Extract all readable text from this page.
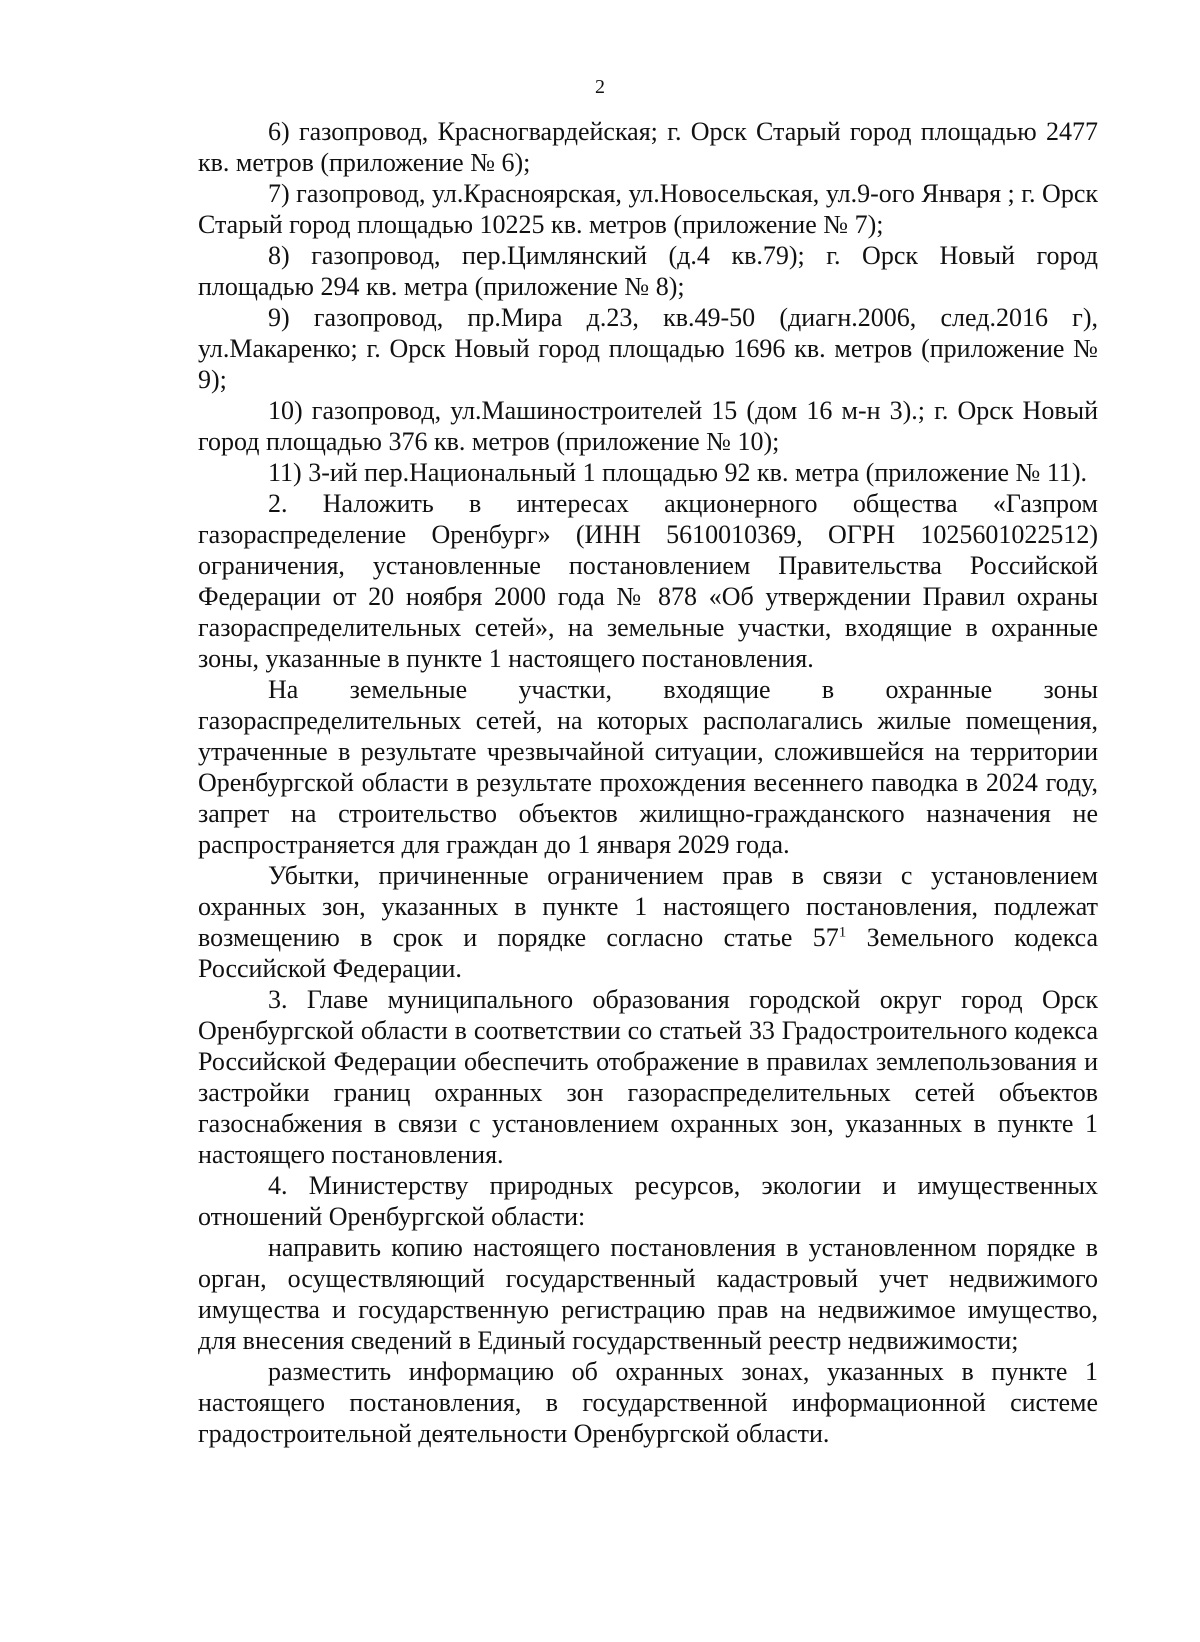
2

6) газопровод, Красногвардейская; г. Орск Старый город площадью 2477 кв. метров (приложение № 6);

7) газопровод, ул.Красноярская, ул.Новосельская, ул.9-ого Января ; г. Орск Старый город площадью 10225 кв. метров (приложение № 7);

8) газопровод, пер.Цимлянский (д.4 кв.79); г. Орск Новый город площадью 294 кв. метра (приложение № 8);

9) газопровод, пр.Мира д.23, кв.49-50 (диагн.2006, след.2016 г), ул.Макаренко; г. Орск Новый город площадью 1696 кв. метров (приложение № 9);

10) газопровод, ул.Машиностроителей 15 (дом 16 м-н 3).; г. Орск Новый город площадью 376 кв. метров (приложение № 10);

11) 3-ий пер.Национальный 1 площадью 92 кв. метра (приложение № 11).

2. Наложить в интересах акционерного общества «Газпром газораспределение Оренбург» (ИНН 5610010369, ОГРН 1025601022512) ограничения, установленные постановлением Правительства Российской Федерации от 20 ноября 2000 года № 878 «Об утверждении Правил охраны газораспределительных сетей», на земельные участки, входящие в охранные зоны, указанные в пункте 1 настоящего постановления.

На земельные участки, входящие в охранные зоны газораспределительных сетей, на которых располагались жилые помещения, утраченные в результате чрезвычайной ситуации, сложившейся на территории Оренбургской области в результате прохождения весеннего паводка в 2024 году, запрет на строительство объектов жилищно-гражданского назначения не распространяется для граждан до 1 января 2029 года.

Убытки, причиненные ограничением прав в связи с установлением охранных зон, указанных в пункте 1 настоящего постановления, подлежат возмещению в срок и порядке согласно статье $57^1$ Земельного кодекса Российской Федерации.

3. Главе муниципального образования городской округ город Орск Оренбургской области в соответствии со статьей 33 Градостроительного кодекса Российской Федерации обеспечить отображение в правилах землепользования и застройки границ охранных зон газораспределительных сетей объектов газоснабжения в связи с установлением охранных зон, указанных в пункте 1 настоящего постановления.

4. Министерству природных ресурсов, экологии и имущественных отношений Оренбургской области:

направить копию настоящего постановления в установленном порядке в орган, осуществляющий государственный кадастровый учет недвижимого имущества и государственную регистрацию прав на недвижимое имущество, для внесения сведений в Единый государственный реестр недвижимости;

разместить информацию об охранных зонах, указанных в пункте 1 настоящего постановления, в государственной информационной системе градостроительной деятельности Оренбургской области.
